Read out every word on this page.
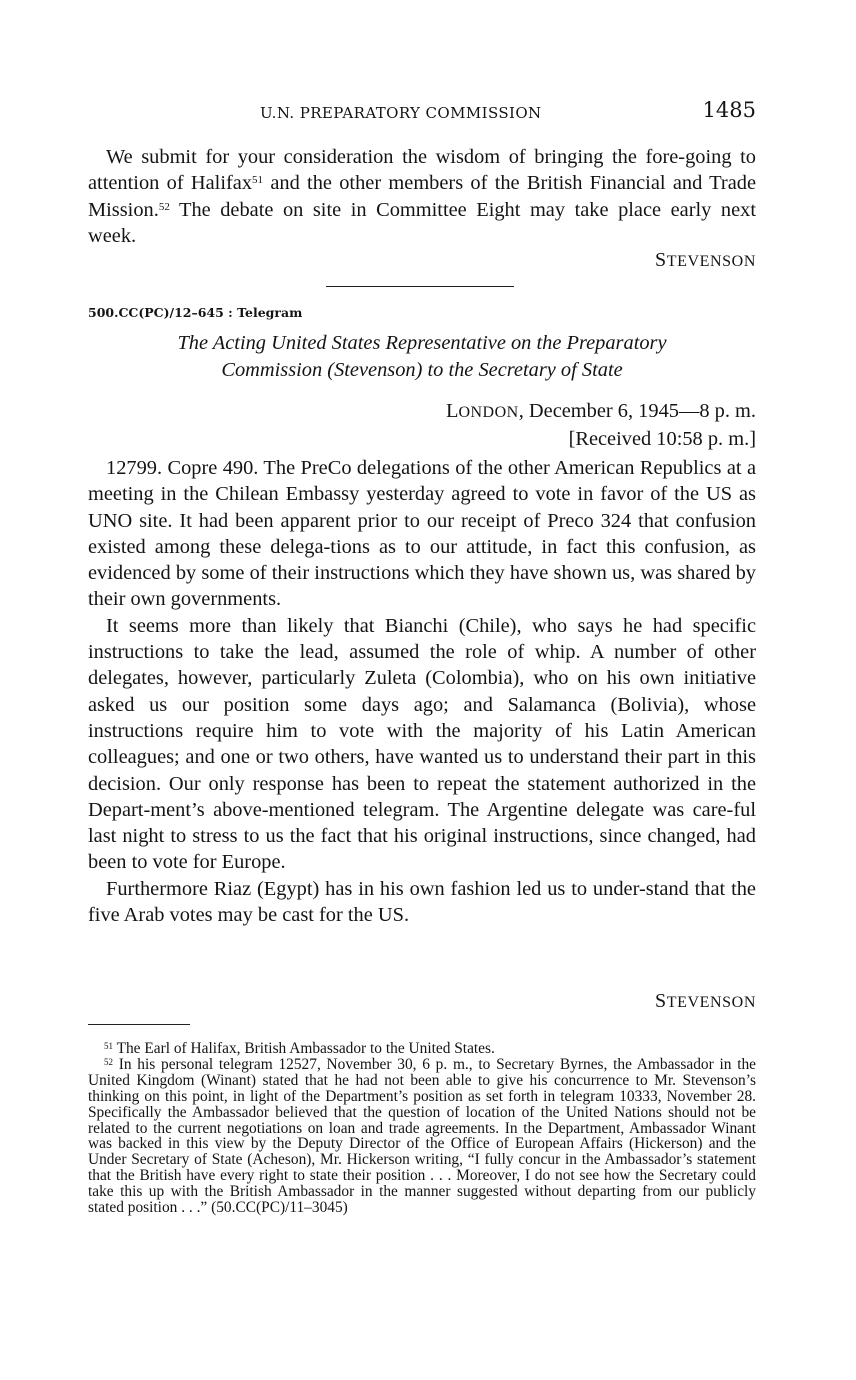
U.N. PREPARATORY COMMISSION	1485

We submit for your consideration the wisdom of bringing the fore-going to attention of Halifax$^{51}$ and the other members of the British Financial and Trade Mission.$^{52}$ The debate on site in Committee Eight may take place early next week.

STEVENSON

500.CC(PC)/12–645 : Telegram

The Acting United States Representative on the Preparatory

Commission (Stevenson) to the Secretary of State

LONDON, December 6, 1945—8 p. m.

[Received 10:58 p. m.]

12799. Copre 490. The PreCo delegations of the other American Republics at a meeting in the Chilean Embassy yesterday agreed to vote in favor of the US as UNO site. It had been apparent prior to our receipt of Preco 324 that confusion existed among these delega-tions as to our attitude, in fact this confusion, as evidenced by some of their instructions which they have shown us, was shared by their own governments.

It seems more than likely that Bianchi (Chile), who says he had specific instructions to take the lead, assumed the role of whip. A number of other delegates, however, particularly Zuleta (Colombia), who on his own initiative asked us our position some days ago; and Salamanca (Bolivia), whose instructions require him to vote with the majority of his Latin American colleagues; and one or two others, have wanted us to understand their part in this decision. Our only response has been to repeat the statement authorized in the Depart-ment’s above-mentioned telegram. The Argentine delegate was care-ful last night to stress to us the fact that his original instructions, since changed, had been to vote for Europe.

Furthermore Riaz (Egypt) has in his own fashion led us to under-stand that the five Arab votes may be cast for the US.

STEVENSON

$^{51}$ The Earl of Halifax, British Ambassador to the United States.

$^{52}$ In his personal telegram 12527, November 30, 6 p. m., to Secretary Byrnes, the Ambassador in the United Kingdom (Winant) stated that he had not been able to give his concurrence to Mr. Stevenson’s thinking on this point, in light of the Department’s position as set forth in telegram 10333, November 28. Specifically the Ambassador believed that the question of location of the United Nations should not be related to the current negotiations on loan and trade agreements. In the Department, Ambassador Winant was backed in this view by the Deputy Director of the Office of European Affairs (Hickerson) and the Under Secretary of State (Acheson), Mr. Hickerson writing, “I fully concur in the Ambassador’s statement that the British have every right to state their position . . . Moreover, I do not see how the Secretary could take this up with the British Ambassador in the manner suggested without departing from our publicly stated position . . .” (50.CC(PC)/11–3045)
